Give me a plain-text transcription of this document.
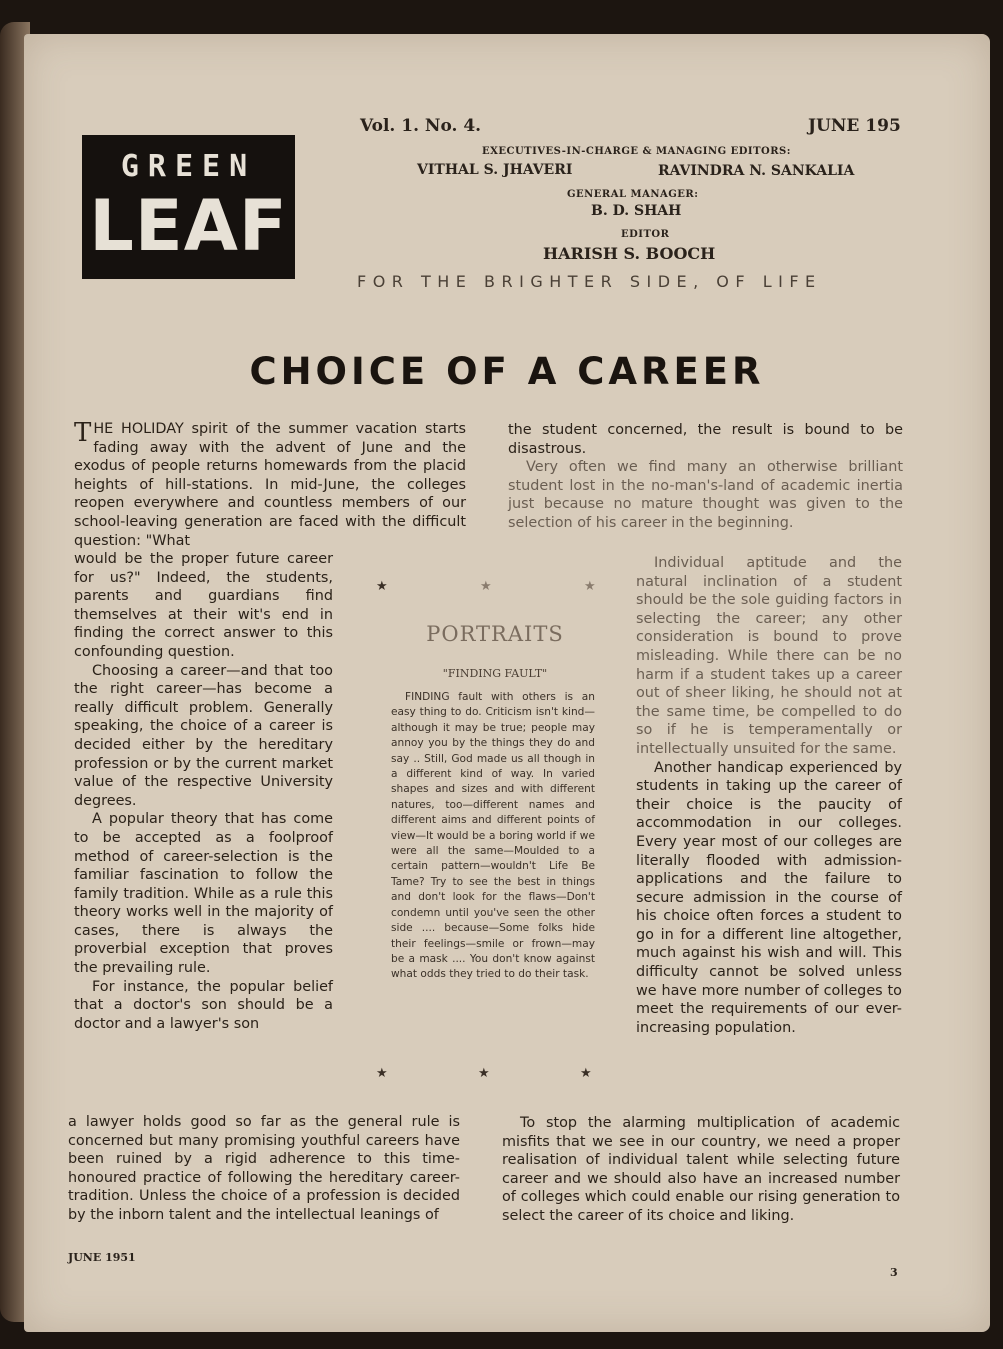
GREEN
LEAF
Vol. 1. No. 4.	JUNE 195
EXECUTIVES-IN-CHARGE & MANAGING EDITORS:
VITHAL S. JHAVERI	RAVINDRA N. SANKALIA
GENERAL MANAGER:
B. D. SHAH
EDITOR
HARISH S. BOOCH
FOR THE BRIGHTER SIDE, OF LIFE
CHOICE OF A CAREER

THE HOLIDAY spirit of the summer vacation starts fading away with the advent of June and the exodus of people returns homewards from the placid heights of hill-stations. In mid-June, the colleges reopen everywhere and countless members of our school-leaving generation are faced with the difficult question: "What

would be the proper future career for us?" Indeed, the students, parents and guardians find themselves at their wit's end in finding the correct answer to this confounding question.

Choosing a career—and that too the right career—has become a really difficult problem. Generally speaking, the choice of a career is decided either by the hereditary profession or by the current market value of the respective University degrees.

A popular theory that has come to be accepted as a foolproof method of career-selection is the familiar fascination to follow the family tradition. While as a rule this theory works well in the majority of cases, there is always the proverbial exception that proves the prevailing rule.

For instance, the popular belief that a doctor's son should be a doctor and a lawyer's son

a lawyer holds good so far as the general rule is concerned but many promising youthful careers have been ruined by a rigid adherence to this time-honoured practice of following the hereditary career-tradition. Unless the choice of a profession is decided by the inborn talent and the intellectual leanings of

the student concerned, the result is bound to be disastrous.

Very often we find many an otherwise brilliant student lost in the no-man's-land of academic inertia just because no mature thought was given to the selection of his career in the beginning.

Individual aptitude and the natural inclination of a student should be the sole guiding factors in selecting the career; any other consideration is bound to prove misleading. While there can be no harm if a student takes up a career out of sheer liking, he should not at the same time, be compelled to do so if he is temperamentally or intellectually unsuited for the same.

Another handicap experienced by students in taking up the career of their choice is the paucity of accommodation in our colleges. Every year most of our colleges are literally flooded with admission-applications and the failure to secure admission in the course of his choice often forces a student to go in for a different line altogether, much against his wish and will. This difficulty cannot be solved unless we have more number of colleges to meet the requirements of our ever-increasing population.

To stop the alarming multiplication of academic misfits that we see in our country, we need a proper realisation of individual talent while selecting future career and we should also have an increased number of colleges which could enable our rising generation to select the career of its choice and liking.

★	★	★
PORTRAITS
"FINDING FAULT"

FINDING fault with others is an easy thing to do. Criticism isn't kind—although it may be true; people may annoy you by the things they do and say .. Still, God made us all though in a different kind of way. In varied shapes and sizes and with different natures, too—different names and different aims and different points of view—It would be a boring world if we were all the same—Moulded to a certain pattern—wouldn't Life Be Tame? Try to see the best in things and don't look for the flaws—Don't condemn until you've seen the other side .... because—Some folks hide their feelings—smile or frown—may be a mask .... You don't know against what odds they tried to do their task.

★	★	★
JUNE 1951
3
